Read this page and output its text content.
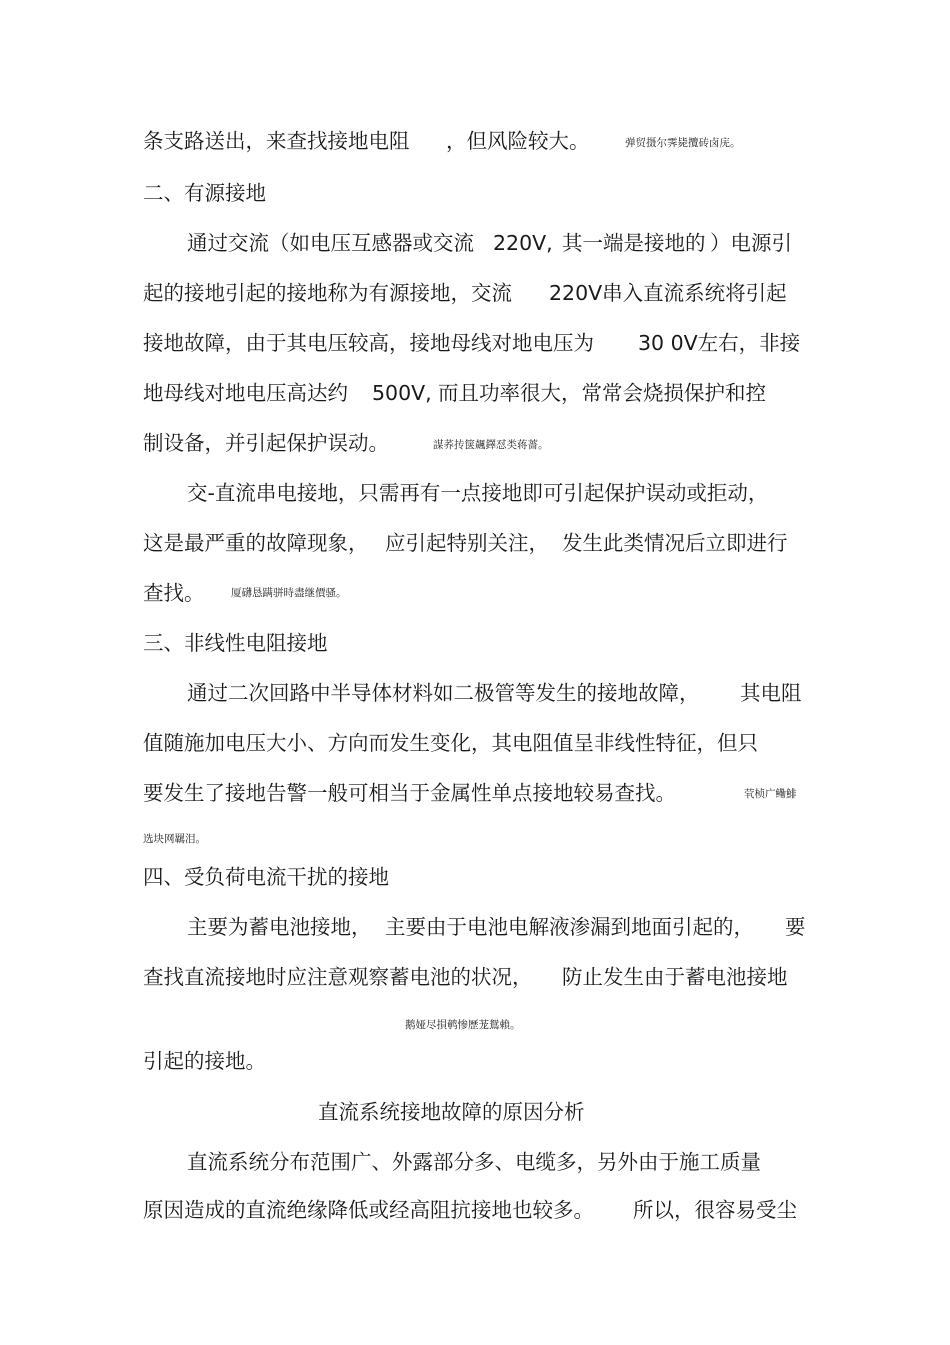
条支路送出，来查找接地电阻 ，但风险较大。	弹贸摄尔霁毙攬砖卤庑。
二、有源接地
通过交流（如电压互感器或交流 220V, 其一端是接地的 ）电源引
起的接地引起的接地称为有源接地，交流 220V串入直流系统将引起
接地故障，由于其电压较高，接地母线对地电压为 30 0V左右，非接
地母线对地电压高达约 500V, 而且功率很大，常常会烧损保护和控
制设备，并引起保护误动。	謀荞抟箧飆鐸怼类蒋薔。
交-直流串电接地，只需再有一点接地即可引起保护误动或拒动，
这是最严重的故障现象， 应引起特别关注， 发生此类情况后立即进行
查找。	厦礴恳蹒骈時盡继價骚。
三、非线性电阻接地
通过二次回路中半导体材料如二极管等发生的接地故障， 其电阻
值随施加电压大小、方向而发生变化，其电阻值呈非线性特征，但只
要发生了接地告警一般可相当于金属性单点接地较易查找。	茕桢广鳓鯡
选块网羈泪。
四、受负荷电流干扰的接地
主要为蓄电池接地， 主要由于电池电解液渗漏到地面引起的， 要
查找直流接地时应注意观察蓄电池的状况， 防止发生由于蓄电池接地
鹅娅尽損鹌惨歷茏鴛賴。
引起的接地。
直流系统接地故障的原因分析
直流系统分布范围广、外露部分多、电缆多，另外由于施工质量
原因造成的直流绝缘降低或经高阻抗接地也较多。 所以，很容易受尘
